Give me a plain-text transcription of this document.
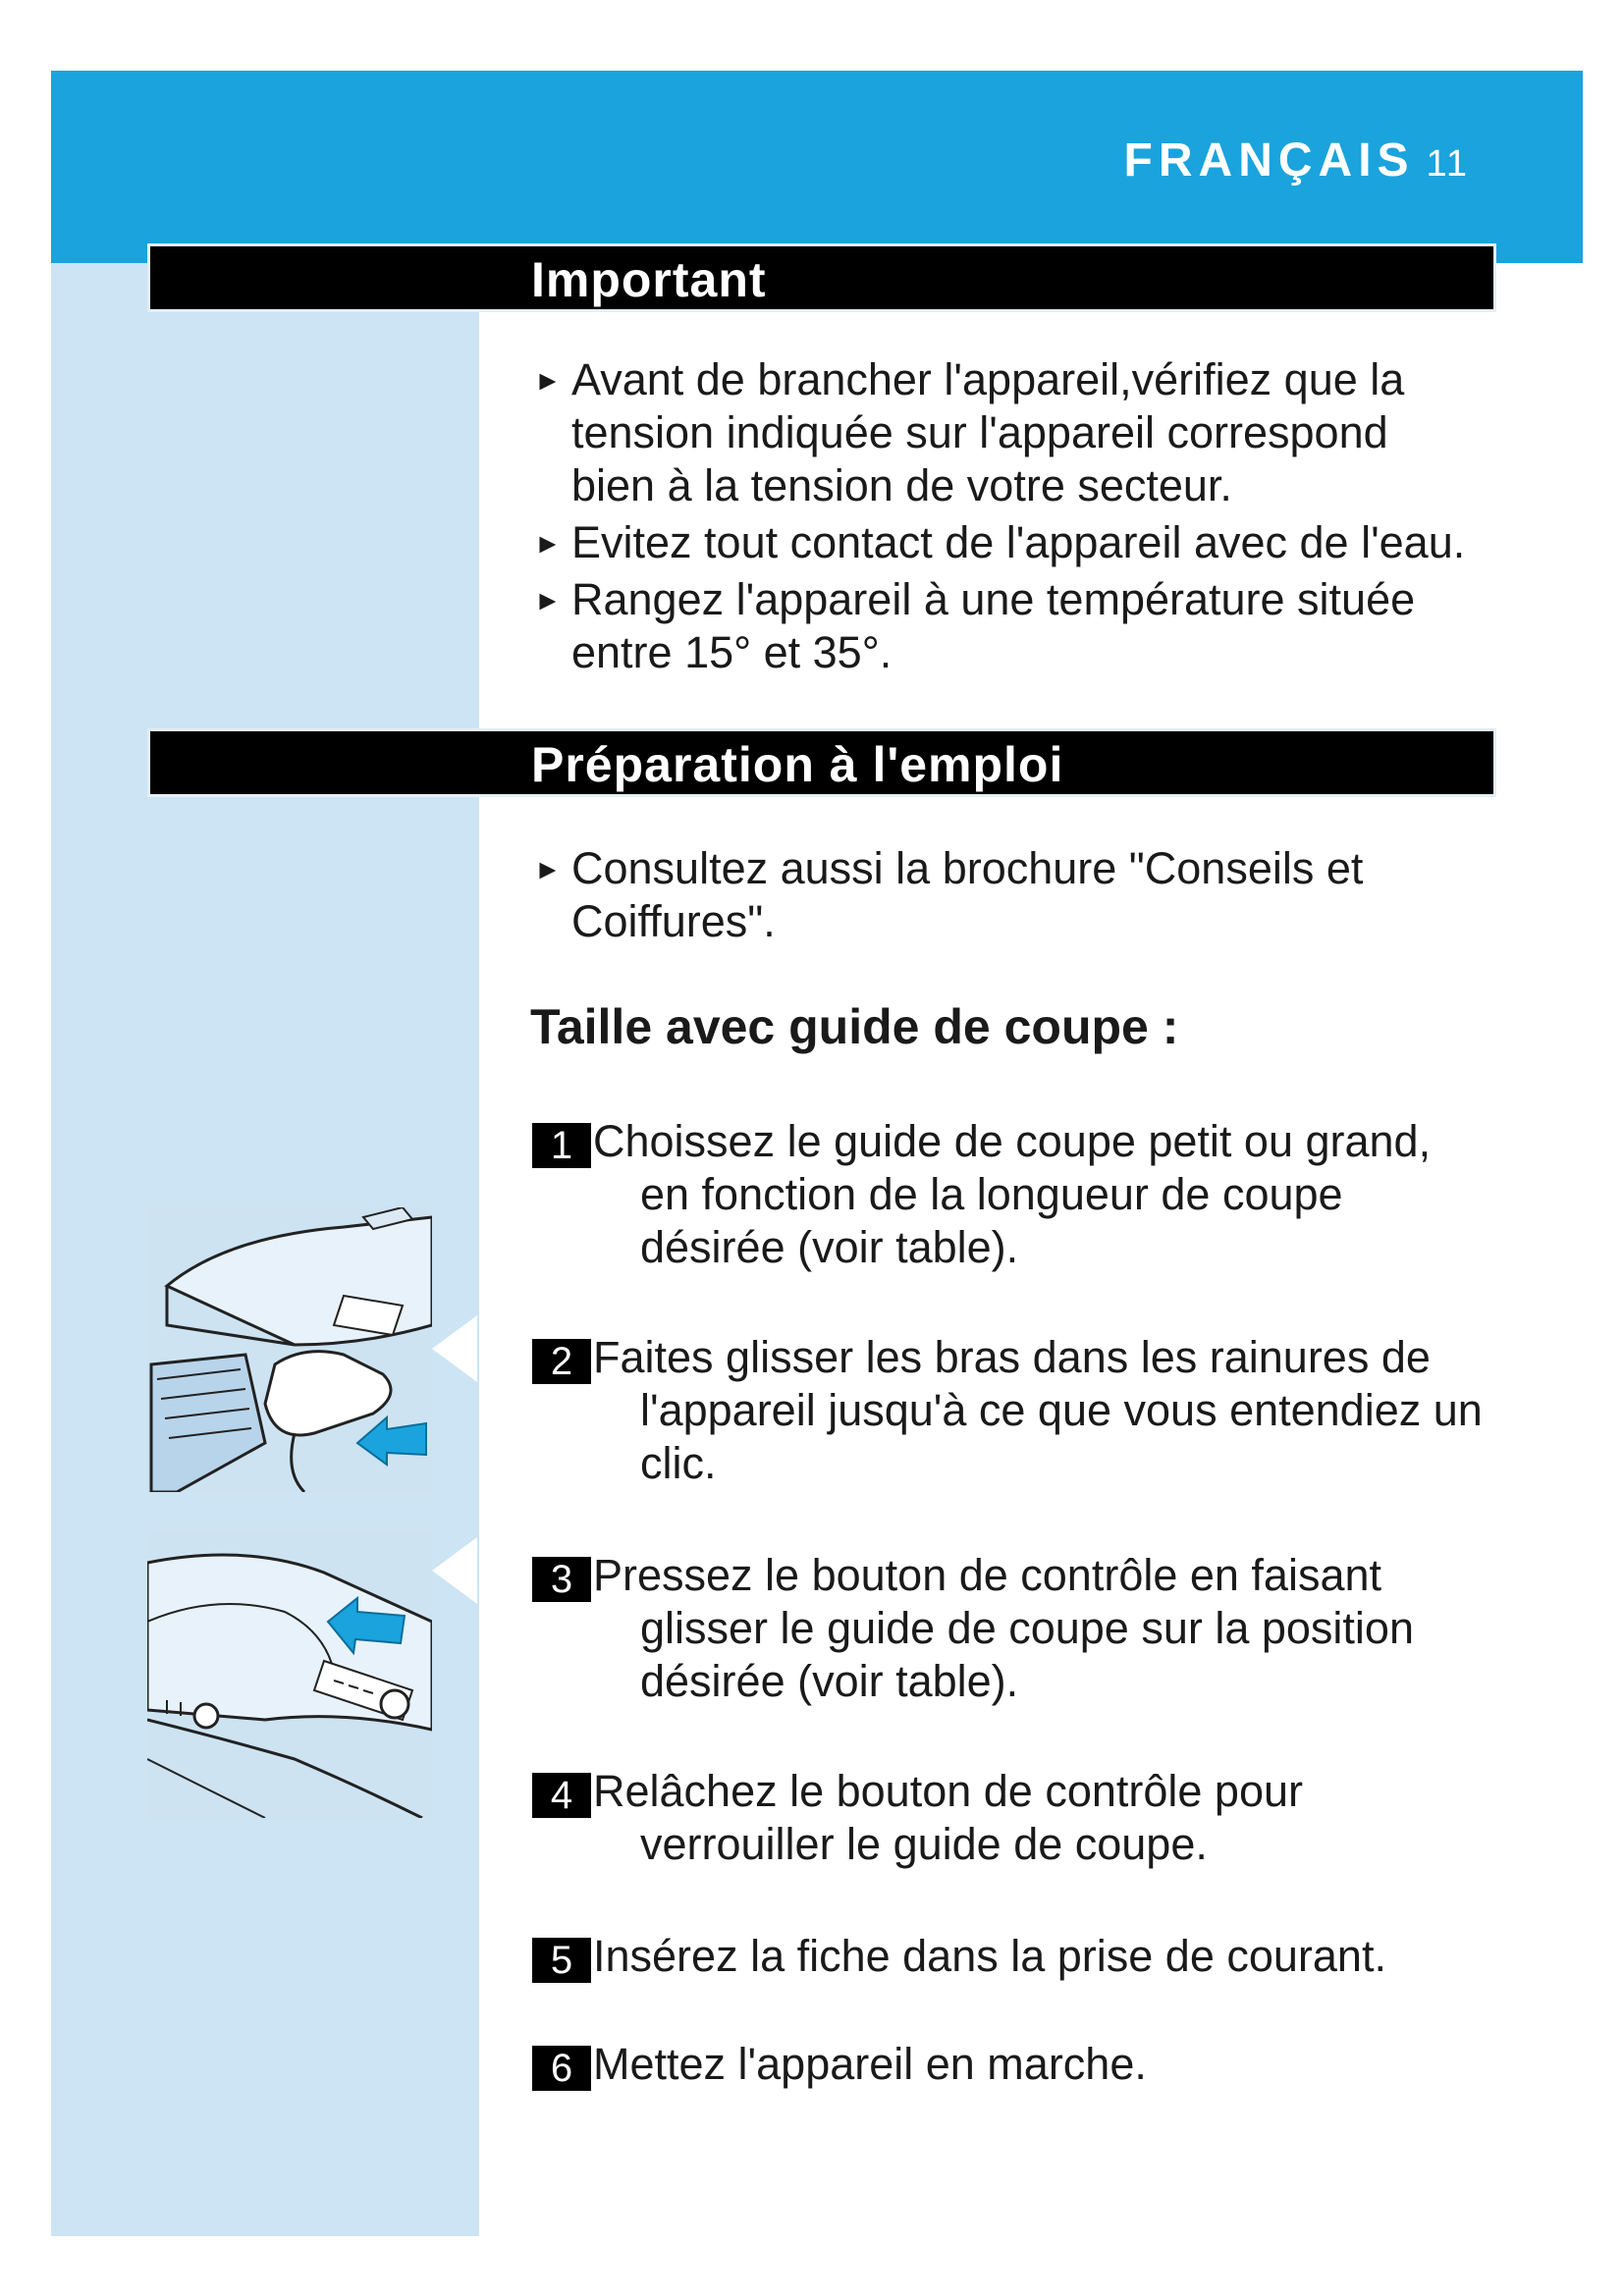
FRANÇAIS 11
Important
► Avant de brancher l'appareil,vérifiez que la
tension indiquée sur l'appareil correspond
bien à la tension de votre secteur.
► Evitez tout contact de l'appareil avec de l'eau.
► Rangez l'appareil à une température située
entre 15° et 35°.
Préparation à l'emploi
► Consultez aussi la brochure "Conseils et
Coiffures".
Taille avec guide de coupe :
1 Choissez le guide de coupe petit ou grand,
en fonction de la longueur de coupe
désirée (voir table).
2 Faites glisser les bras dans les rainures de
l'appareil jusqu'à ce que vous entendiez un
clic.
3 Pressez le bouton de contrôle en faisant
glisser le guide de coupe sur la position
désirée (voir table).
4 Relâchez le bouton de contrôle pour
verrouiller le guide de coupe.
5 Insérez la fiche dans la prise de courant.
6 Mettez l'appareil en marche.
